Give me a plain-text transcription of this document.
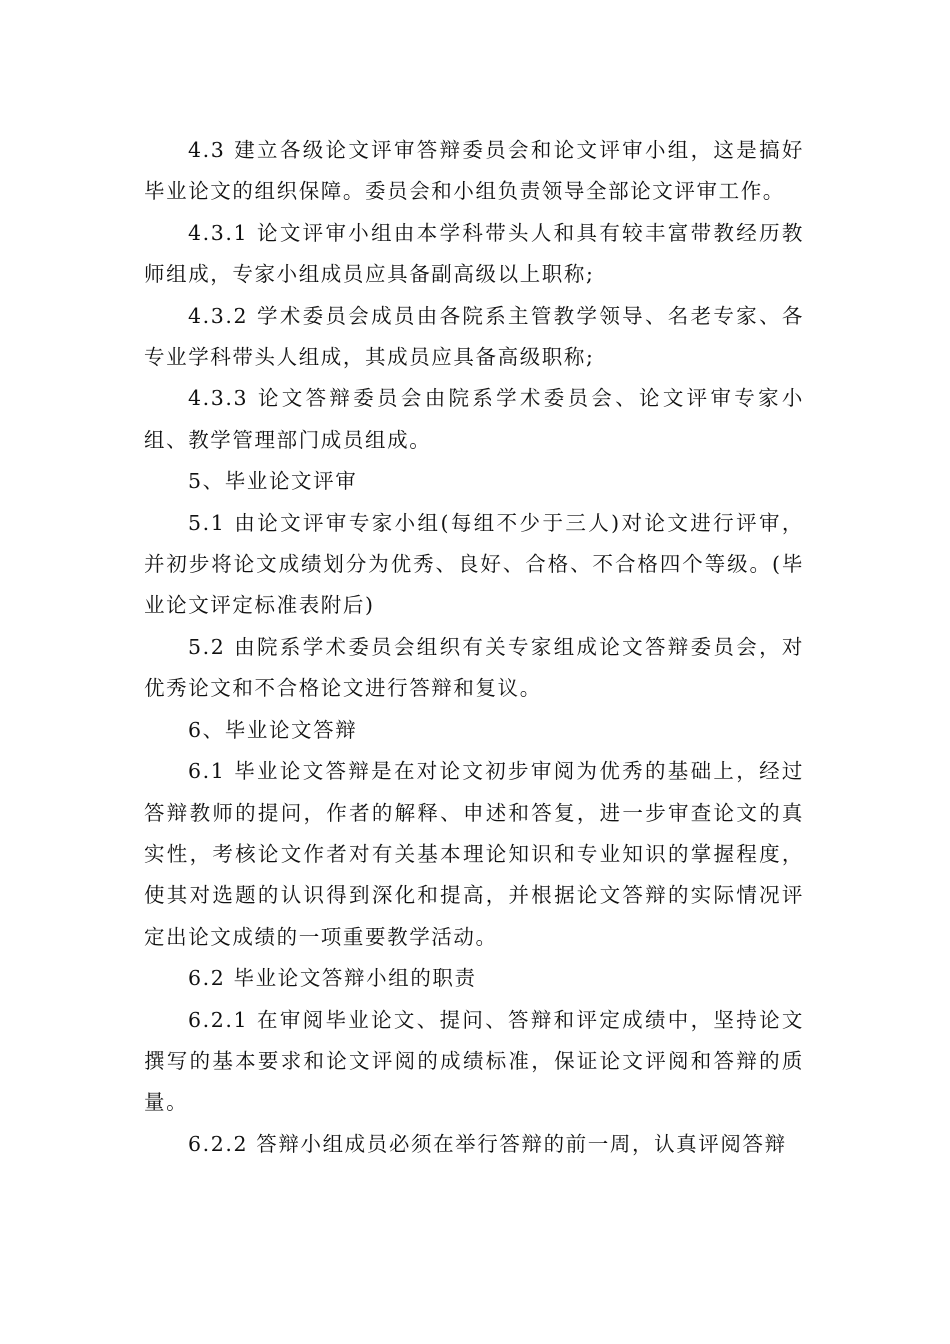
4.3 建立各级论文评审答辩委员会和论文评审小组，这是搞好毕业论文的组织保障。委员会和小组负责领导全部论文评审工作。

4.3.1 论文评审小组由本学科带头人和具有较丰富带教经历教师组成，专家小组成员应具备副高级以上职称;

4.3.2 学术委员会成员由各院系主管教学领导、名老专家、各专业学科带头人组成，其成员应具备高级职称;

4.3.3 论文答辩委员会由院系学术委员会、论文评审专家小组、教学管理部门成员组成。

5、毕业论文评审

5.1 由论文评审专家小组(每组不少于三人)对论文进行评审，并初步将论文成绩划分为优秀、良好、合格、不合格四个等级。(毕业论文评定标准表附后)

5.2 由院系学术委员会组织有关专家组成论文答辩委员会，对优秀论文和不合格论文进行答辩和复议。

6、毕业论文答辩

6.1 毕业论文答辩是在对论文初步审阅为优秀的基础上，经过答辩教师的提问，作者的解释、申述和答复，进一步审查论文的真实性，考核论文作者对有关基本理论知识和专业知识的掌握程度，使其对选题的认识得到深化和提高，并根据论文答辩的实际情况评定出论文成绩的一项重要教学活动。

6.2 毕业论文答辩小组的职责

6.2.1 在审阅毕业论文、提问、答辩和评定成绩中，坚持论文撰写的基本要求和论文评阅的成绩标准，保证论文评阅和答辩的质量。

6.2.2 答辩小组成员必须在举行答辩的前一周，认真评阅答辩
